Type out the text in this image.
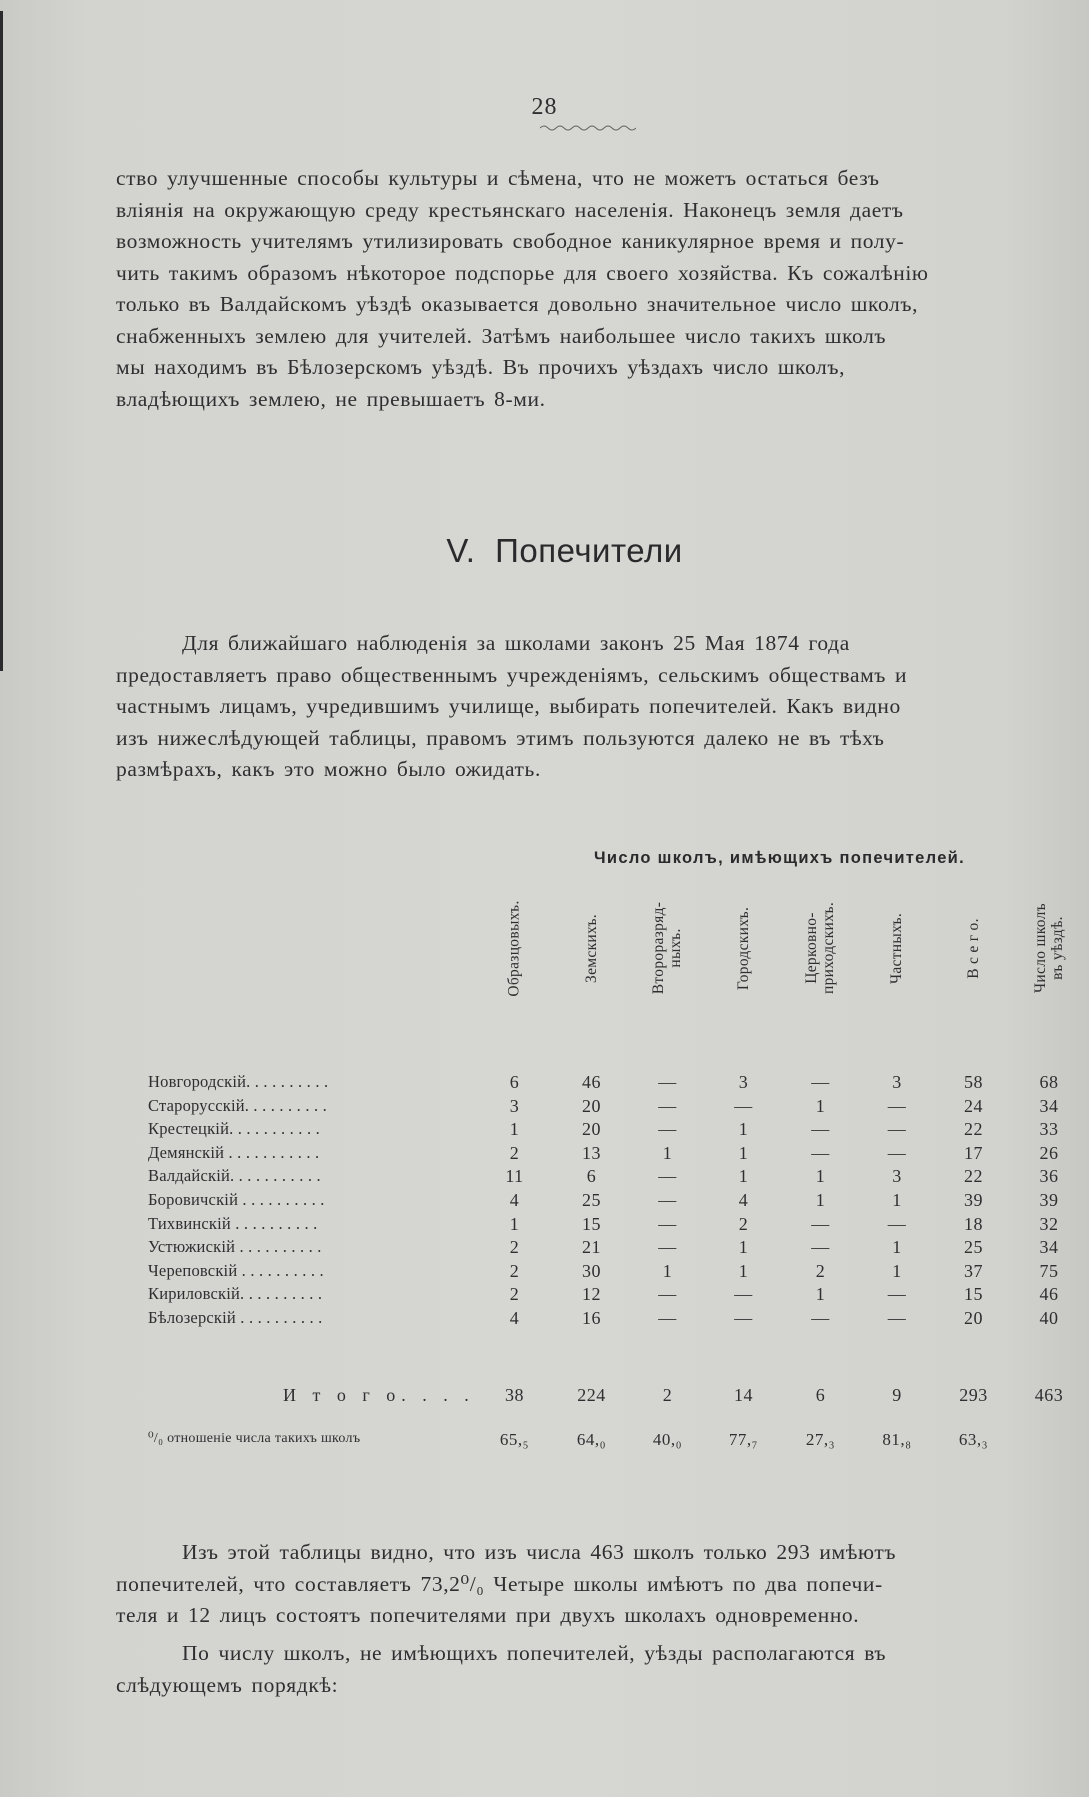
28
ство улучшенные способы культуры и сѣмена, что не можетъ остаться безъ
вліянія на окружающую среду крестьянскаго населенія. Наконецъ земля даетъ
возможность учителямъ утилизировать свободное каникулярное время и полу-
чить такимъ образомъ нѣкоторое подспорье для своего хозяйства. Къ сожалѣнію
только въ Валдайскомъ уѣздѣ оказывается довольно значительное число школъ,
снабженныхъ землею для учителей. Затѣмъ наибольшее число такихъ школъ
мы находимъ въ Бѣлозерскомъ уѣздѣ. Въ прочихъ уѣздахъ число школъ,
владѣющихъ землею, не превышаетъ 8-ми.
V. Попечители
Для ближайшаго наблюденія за школами законъ 25 Мая 1874 года
предоставляетъ право общественнымъ учрежденіямъ, сельскимъ обществамъ и
частнымъ лицамъ, учредившимъ училище, выбирать попечителей. Какъ видно
изъ нижеслѣдующей таблицы, правомъ этимъ пользуются далеко не въ тѣхъ
размѣрахъ, какъ это можно было ожидать.
Число школъ, имѣющихъ попечителей.
Образцовыхъ.	Земскихъ.	Второразряд-
ныхъ.	Городскихъ.	Церковно-
приходскихъ.	Частныхъ.	В с е г о.	Число школъ
въ уѣздѣ.
Новгородскій. . . . . . . . . .	6	46	—	3	—	3	58	68
Старорусскій. . . . . . . . . .	3	20	—	—	1	—	24	34
Крестецкій. . . . . . . . . . .	1	20	—	1	—	—	22	33
Демянскій . . . . . . . . . . .	2	13	1	1	—	—	17	26
Валдайскій. . . . . . . . . . .	11	6	—	1	1	3	22	36
Боровичскій . . . . . . . . . .	4	25	—	4	1	1	39	39
Тихвинскій . . . . . . . . . .	1	15	—	2	—	—	18	32
Устюжискій . . . . . . . . . .	2	21	—	1	—	1	25	34
Череповскій . . . . . . . . . .	2	30	1	1	2	1	37	75
Кириловскій. . . . . . . . . .	2	12	—	—	1	—	15	46
Бѣлозерскій . . . . . . . . . .	4	16	—	—	—	—	20	40
И т о г о. . . .	38	224	2	14	6	9	293	463
⁰/₀ отношеніе числа такихъ школъ	65,₅	64,₀	40,₀	77,₇	27,₃	81,₈	63,₃
Изъ этой таблицы видно, что изъ числа 463 школъ только 293 имѣютъ
попечителей, что составляетъ 73,2⁰/₀ Четыре школы имѣютъ по два попечи-
теля и 12 лицъ состоятъ попечителями при двухъ школахъ одновременно.
По числу школъ, не имѣющихъ попечителей, уѣзды располагаются въ
слѣдующемъ порядкѣ:
